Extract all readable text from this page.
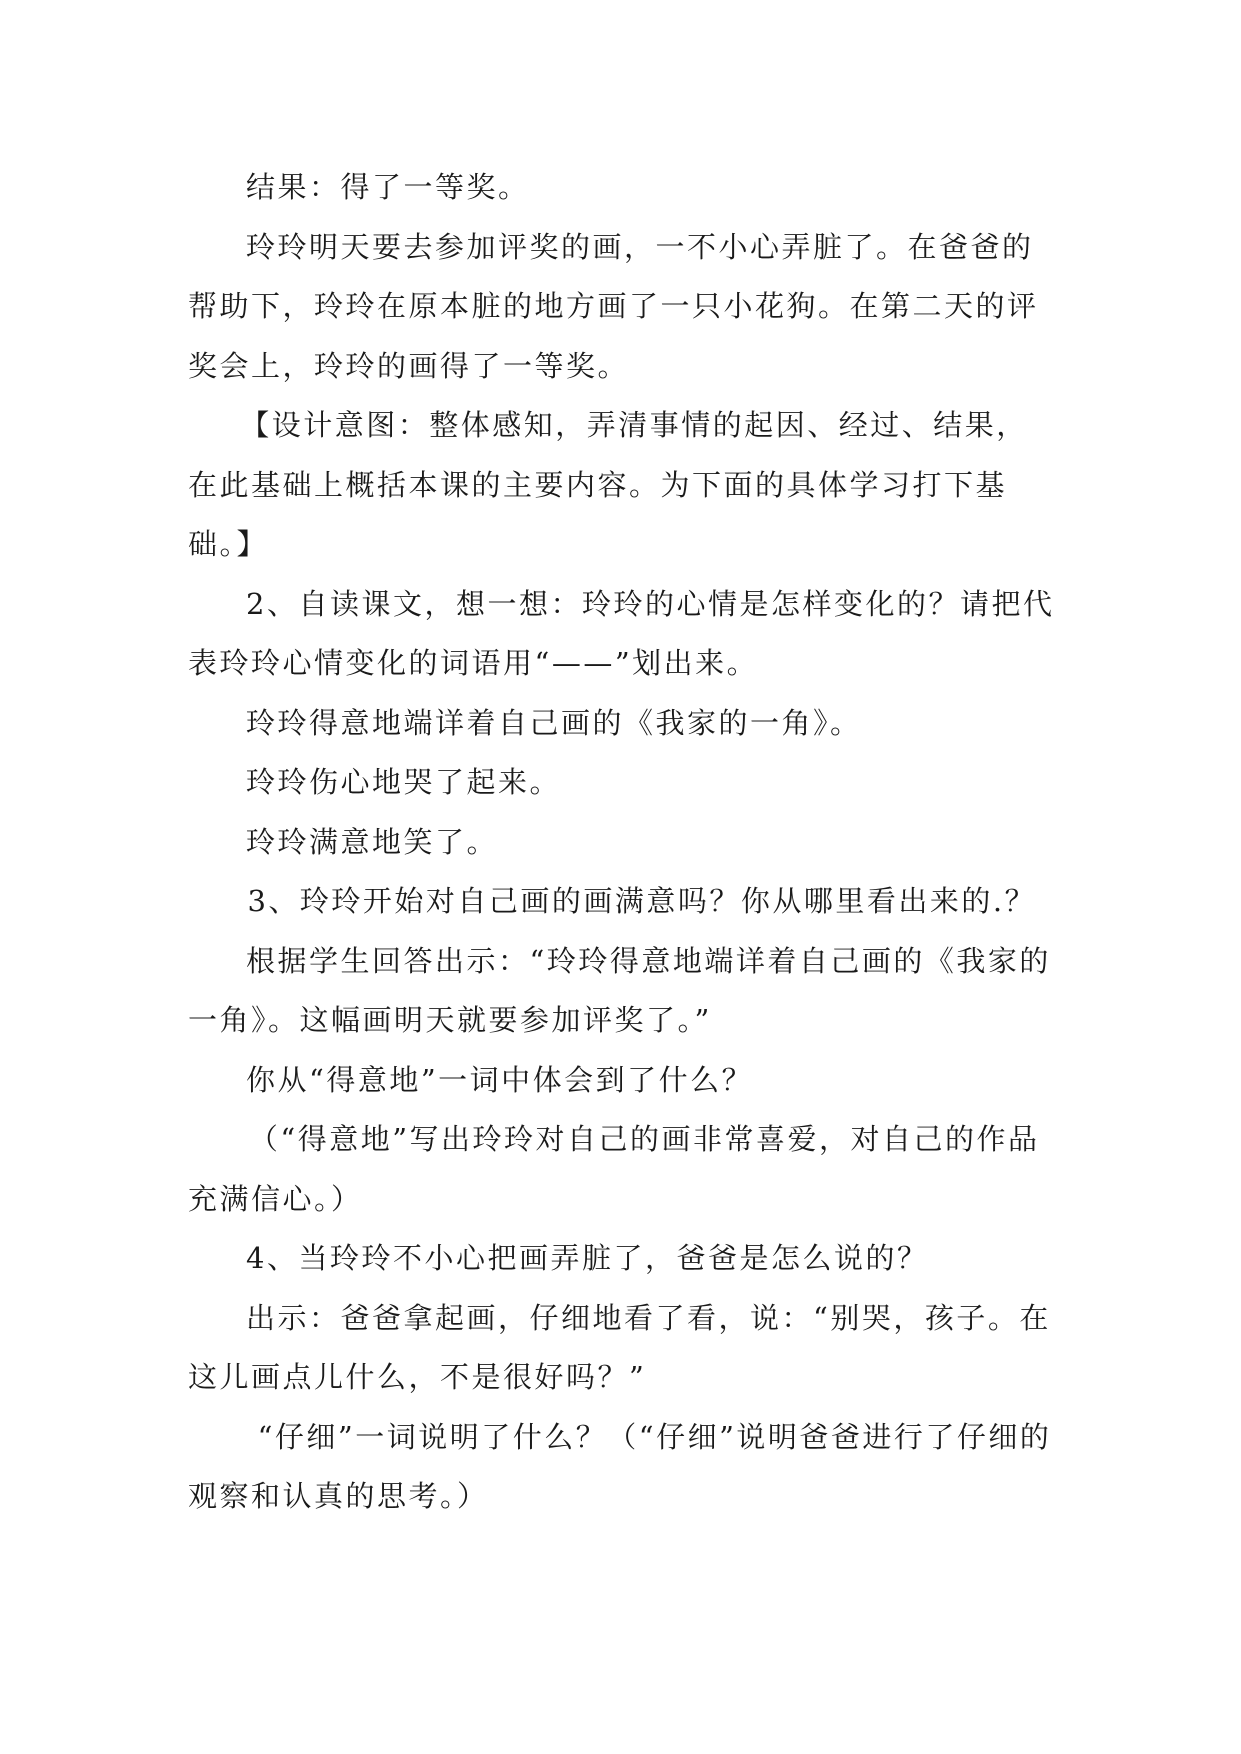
结果：得了一等奖。

玲玲明天要去参加评奖的画，一不小心弄脏了。在爸爸的帮助下，玲玲在原本脏的地方画了一只小花狗。在第二天的评奖会上，玲玲的画得了一等奖。

【设计意图：整体感知，弄清事情的起因、经过、结果，在此基础上概括本课的主要内容。为下面的具体学习打下基础。】

2、自读课文，想一想：玲玲的心情是怎样变化的？请把代表玲玲心情变化的词语用“——”划出来。

玲玲得意地端详着自己画的《我家的一角》。

玲玲伤心地哭了起来。

玲玲满意地笑了。

3、玲玲开始对自己画的画满意吗？你从哪里看出来的.？

根据学生回答出示：“玲玲得意地端详着自己画的《我家的一角》。这幅画明天就要参加评奖了。”

你从“得意地”一词中体会到了什么？

（“得意地”写出玲玲对自己的画非常喜爱，对自己的作品充满信心。）

4、当玲玲不小心把画弄脏了，爸爸是怎么说的？

出示：爸爸拿起画，仔细地看了看，说：“别哭，孩子。在这儿画点儿什么，不是很好吗？”

“仔细”一词说明了什么？（“仔细”说明爸爸进行了仔细的观察和认真的思考。）
